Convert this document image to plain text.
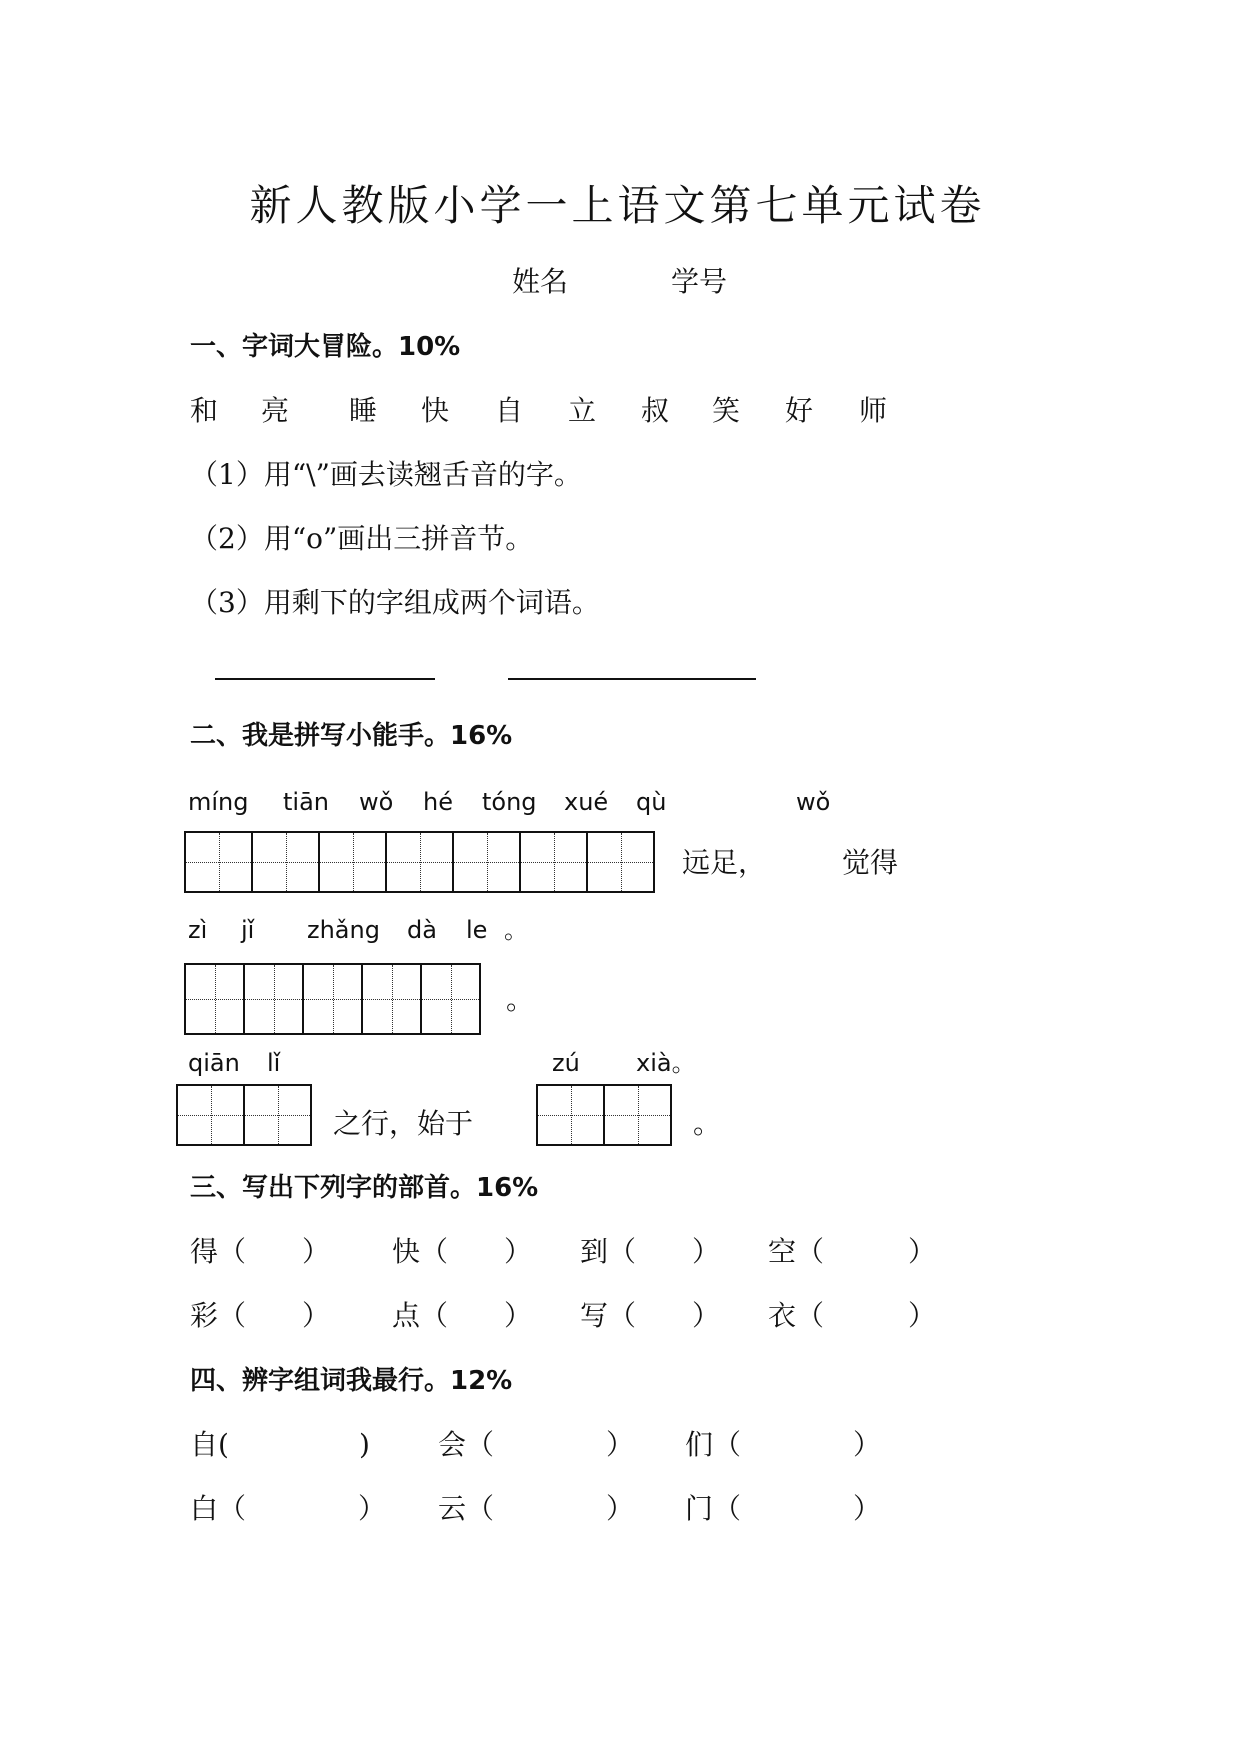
新人教版小学一上语文第七单元试卷
姓名	学号
一、字词大冒险。10%
和 亮 睡 快 自 立 叔 笑 好 师
（1）用“\”画去读翘舌音的字。
（2）用“o”画出三拼音节。
（3）用剩下的字组成两个词语。
二、我是拼写小能手。16%
míng tiān wǒ hé tóng xué qù	wǒ
远足，	觉得
zì jǐ zhǎng dà le 。
。
qiān lǐ	zú xià。
之行，始于	。
三、写出下列字的部首。16%
得（　　） 快（　　） 到（　　） 空（　　　）
彩（　　） 点（　　） 写（　　） 衣（　　　）
四、辨字组词我最行。12%
自(	) 会（　　　　） 们（　　　　）
白（　　　　） 云（　　　　） 门（　　　　）
